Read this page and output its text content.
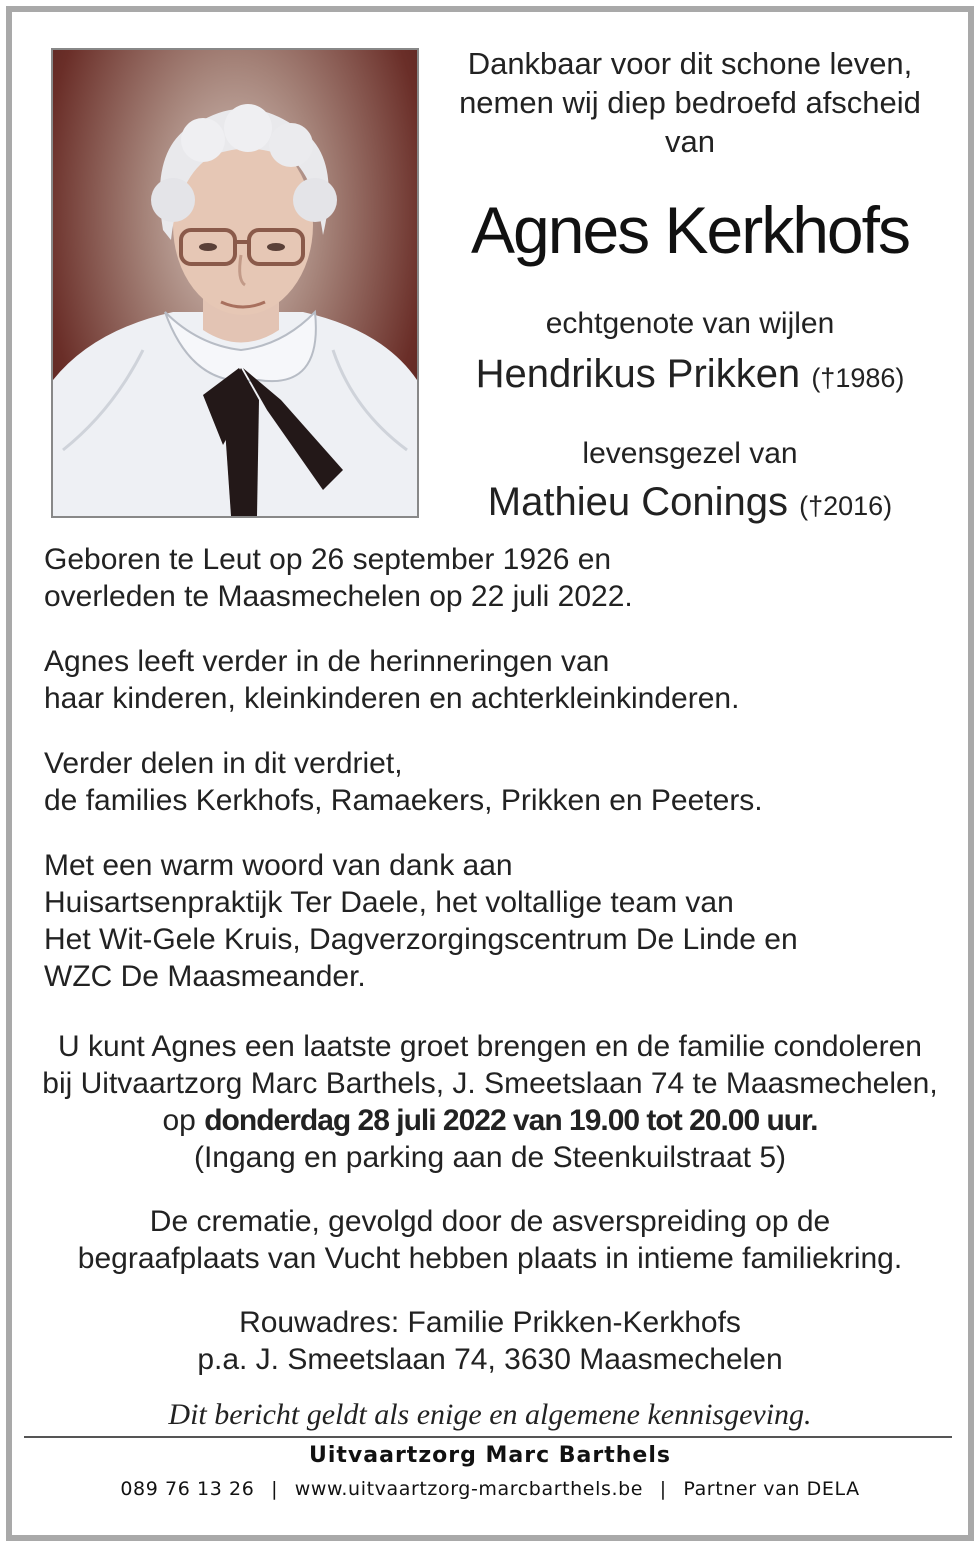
Dankbaar voor dit schone leven,
nemen wij diep bedroefd afscheid
van
Agnes Kerkhofs
echtgenote van wijlen
Hendrikus Prikken (†1986)
levensgezel van
Mathieu Conings (†2016)
Geboren te Leut op 26 september 1926 en
overleden te Maasmechelen op 22 juli 2022.
Agnes leeft verder in de herinneringen van
haar kinderen, kleinkinderen en achterkleinkinderen.
Verder delen in dit verdriet,
de families Kerkhofs, Ramaekers, Prikken en Peeters.
Met een warm woord van dank aan
Huisartsenpraktijk Ter Daele, het voltallige team van
Het Wit-Gele Kruis, Dagverzorgingscentrum De Linde en
WZC De Maasmeander.
U kunt Agnes een laatste groet brengen en de familie condoleren
bij Uitvaartzorg Marc Barthels, J. Smeetslaan 74 te Maasmechelen,
op donderdag 28 juli 2022 van 19.00 tot 20.00 uur.
(Ingang en parking aan de Steenkuilstraat 5)
De crematie, gevolgd door de asverspreiding op de
begraafplaats van Vucht hebben plaats in intieme familiekring.
Rouwadres: Familie Prikken-Kerkhofs
p.a. J. Smeetslaan 74, 3630 Maasmechelen
Dit bericht geldt als enige en algemene kennisgeving.
Uitvaartzorg Marc Barthels
089 76 13 26 | www.uitvaartzorg-marcbarthels.be | Partner van DELA
